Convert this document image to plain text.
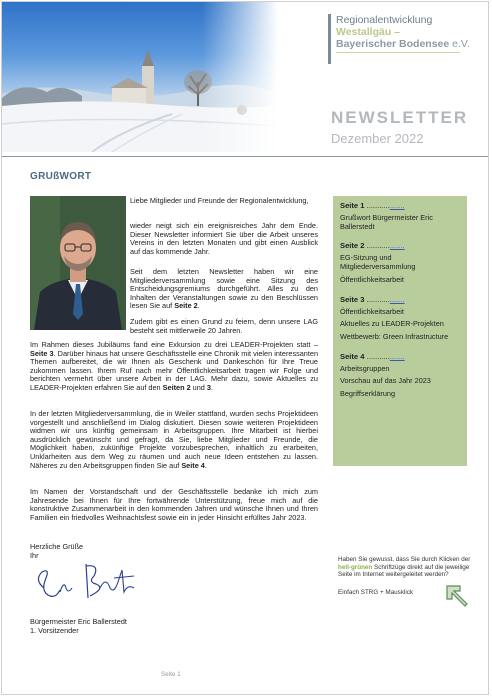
Regionalentwicklung
Westallgäu –
Bayerischer Bodensee e.V.
NEWSLETTER
Dezember 2022
GRUßWORT
Liebe Mitglieder und Freunde der Regionalentwicklung,
wieder neigt sich ein ereignisreiches Jahr dem Ende. Dieser Newsletter informiert Sie über die Arbeit unseres Vereins in den letzten Monaten und gibt einen Ausblick auf das kommende Jahr.
Seit dem letzten Newsletter haben wir eine Mitgliederversammlung sowie eine Sitzung des Entscheidungsgremiums durchgeführt. Alles zu den Inhalten der Veranstaltungen sowie zu den Beschlüssen lesen Sie auf Seite 2.
Zudem gibt es einen Grund zu feiern, denn unsere LAG besteht seit mittlerweile 20 Jahren.
Im Rahmen dieses Jubiläums fand eine Exkursion zu drei LEADER-Projekten statt – Seite 3. Darüber hinaus hat unsere Geschäftsstelle eine Chronik mit vielen interessanten Themen aufbereitet, die wir Ihnen als Geschenk und Dankeschön für Ihre Treue zukommen lassen. Ihrem Ruf nach mehr Öffentlichkeitsarbeit tragen wir Folge und berichten vermehrt über unsere Arbeit in der LAG. Mehr dazu, sowie Aktuelles zu LEADER-Projekten erfahren Sie auf den Seiten 2 und 3.
In der letzten Mitgliederversammlung, die in Weiler stattfand, wurden sechs Projektideen vorgestellt und anschließend im Dialog diskutiert. Diesen sowie weiteren Projektideen widmen wir uns künftig gemeinsam in Arbeitsgruppen. Ihre Mitarbeit ist hierbei ausdrücklich gewünscht und gefragt, da Sie, liebe Mitglieder und Freunde, die Möglichkeit haben, zukünftige Projekte vorzubesprechen, inhaltlich zu erarbeiten, Unklarheiten aus dem Weg zu räumen und auch neue Ideen entstehen zu lassen. Näheres zu den Arbeitsgruppen finden Sie auf Seite 4.
Im Namen der Vorstandschaft und der Geschäftsstelle bedanke ich mich zum Jahresende bei Ihnen für Ihre fortwährende Unterstützung, freue mich auf die konstruktive Zusammenarbeit in den kommenden Jahren und wünsche Ihnen und Ihren Familien ein friedvolles Weihnachtsfest sowie ein in jeder Hinsicht erfülltes Jahr 2023.
Herzliche Grüße
Ihr
Bürgermeister Eric Ballerstedt
1. Vorsitzender
Seite 1 ..................
Grußwort Bürgermeister Eric Ballerstedt
Seite 2 ..................
EG-Sitzung und Mitgliederversammlung
Öffentlichkeitsarbeit
Seite 3 ..................
Öffentlichkeitsarbeit
Aktuelles zu LEADER-Projekten
Wettbewerb: Green Infrastructure
Seite 4 ..................
Arbeitsgruppen
Vorschau auf das Jahr 2023
Begriffserklärung
Haben Sie gewusst, dass Sie durch Klicken der hell-grünen Schriftzüge direkt auf die jeweilige Seite im Internet weitergeleitet werden?
Einfach STRG + Mausklick
Seite 1
